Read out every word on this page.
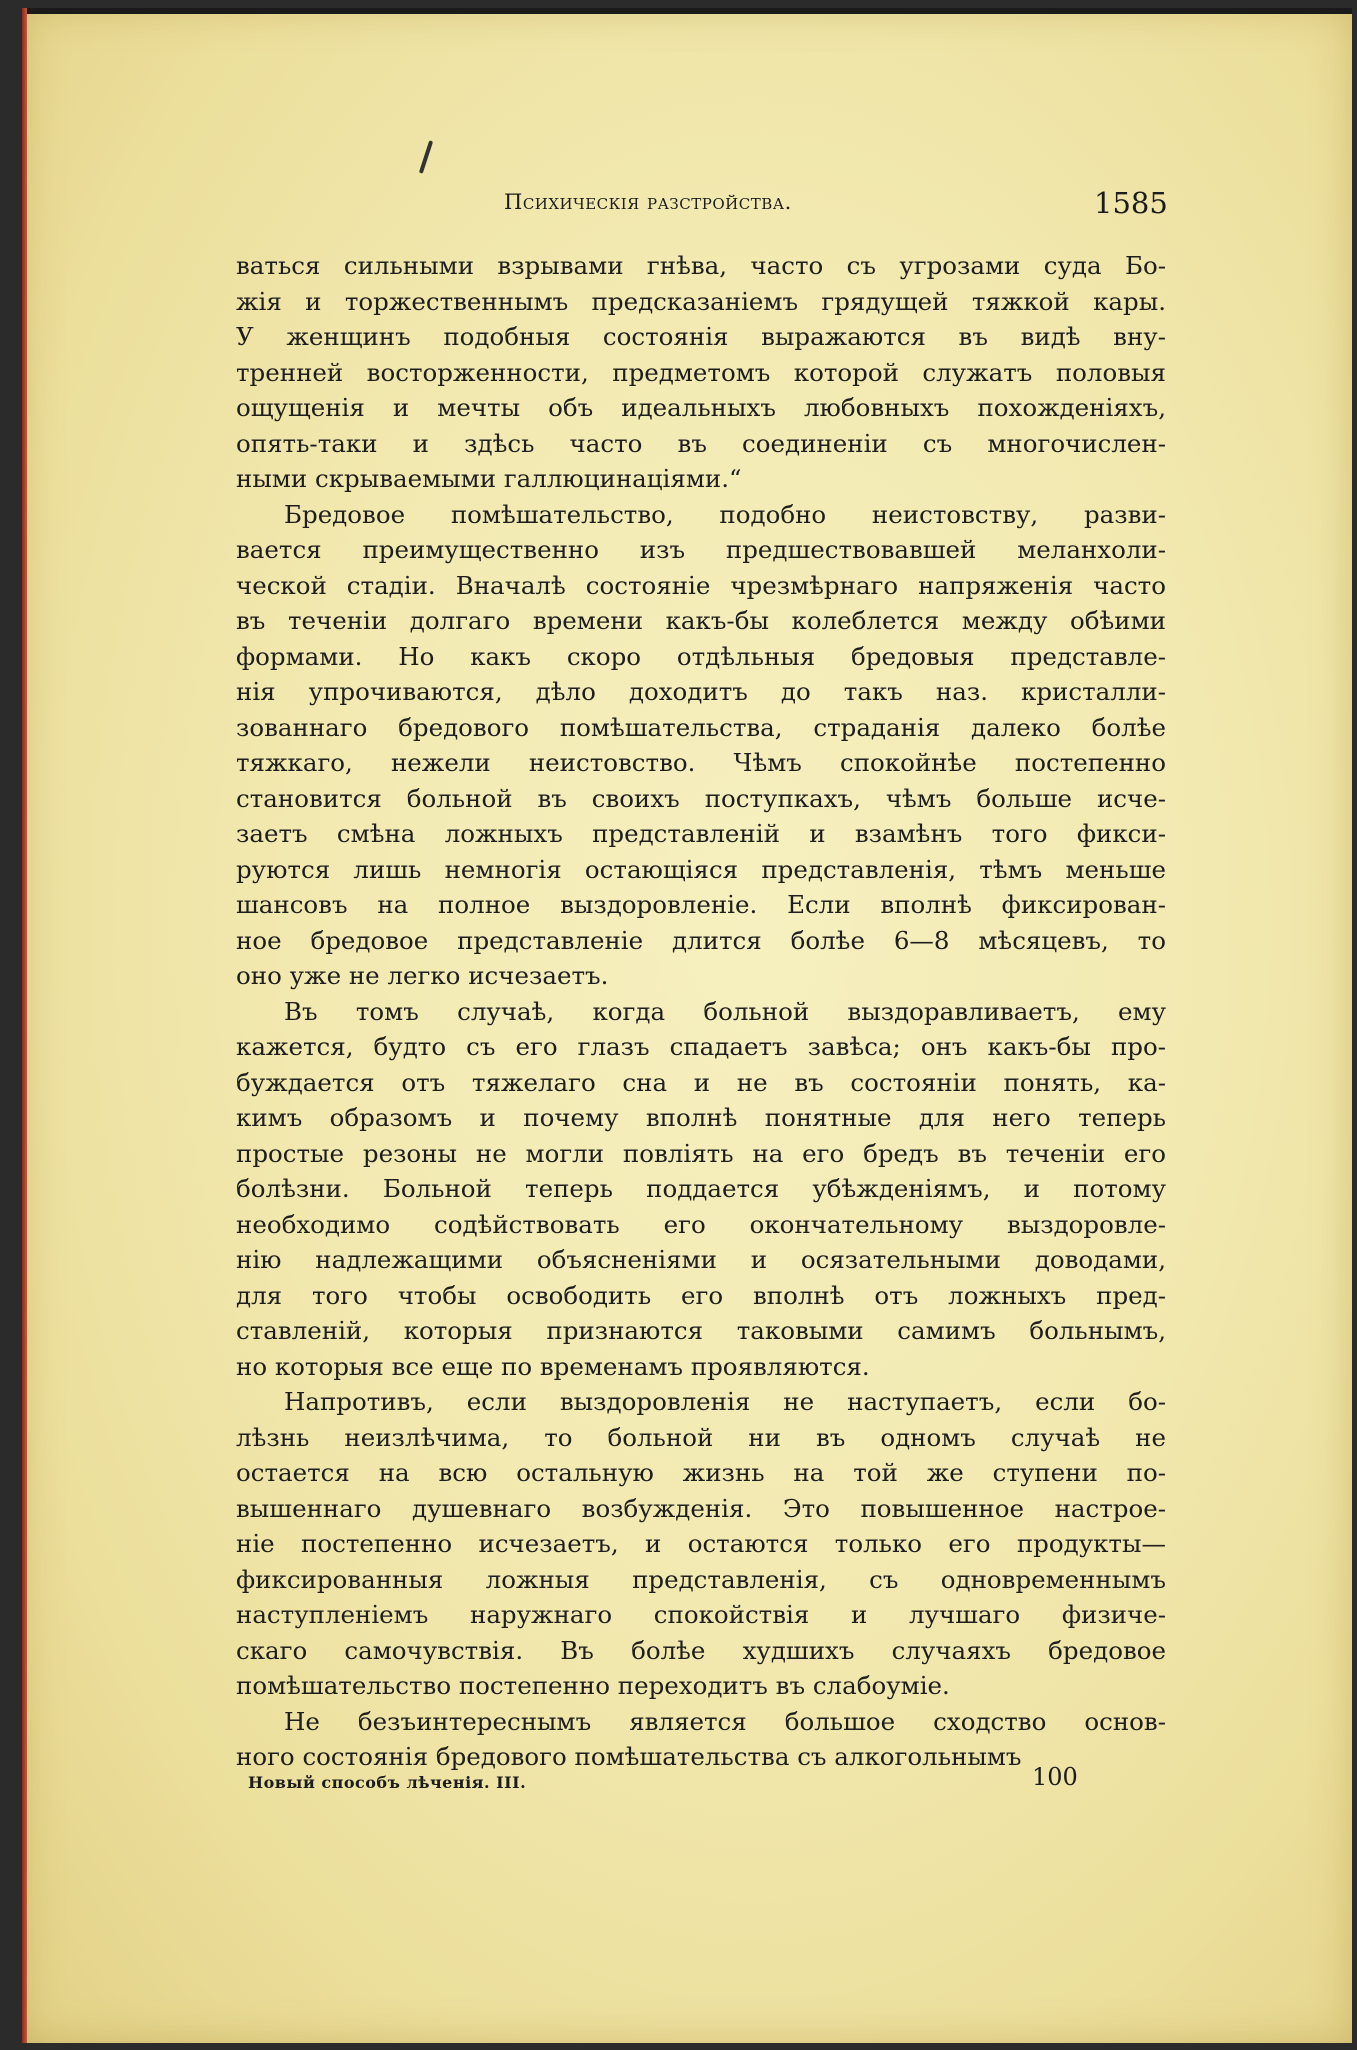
Психическія разстройства.	1585
ваться сильными взрывами гнѣва, часто съ угрозами суда Бо-
жія и торжественнымъ предсказаніемъ грядущей тяжкой кары.
У женщинъ подобныя состоянія выражаются въ видѣ вну-
тренней восторженности, предметомъ которой служатъ половыя
ощущенія и мечты объ идеальныхъ любовныхъ похожденіяхъ,
опять-таки и здѣсь часто въ соединеніи съ многочислен-
ными скрываемыми галлюцинаціями.“
Бредовое помѣшательство, подобно неистовству, разви-
вается преимущественно изъ предшествовавшей меланхоли-
ческой стадіи. Вначалѣ состояніе чрезмѣрнаго напряженія часто
въ теченіи долгаго времени какъ-бы колеблется между обѣими
формами. Но какъ скоро отдѣльныя бредовыя представле-
нія упрочиваются, дѣло доходитъ до такъ наз. кристалли-
зованнаго бредового помѣшательства, страданія далеко болѣе
тяжкаго, нежели неистовство. Чѣмъ спокойнѣе постепенно
становится больной въ своихъ поступкахъ, чѣмъ больше исче-
заетъ смѣна ложныхъ представленій и взамѣнъ того фикси-
руются лишь немногія остающіяся представленія, тѣмъ меньше
шансовъ на полное выздоровленіе. Если вполнѣ фиксирован-
ное бредовое представленіе длится болѣе 6—8 мѣсяцевъ, то
оно уже не легко исчезаетъ.
Въ томъ случаѣ, когда больной выздоравливаетъ, ему
кажется, будто съ его глазъ спадаетъ завѣса; онъ какъ-бы про-
буждается отъ тяжелаго сна и не въ состояніи понять, ка-
кимъ образомъ и почему вполнѣ понятные для него теперь
простые резоны не могли повліять на его бредъ въ теченіи его
болѣзни. Больной теперь поддается убѣжденіямъ, и потому
необходимо содѣйствовать его окончательному выздоровле-
нію надлежащими объясненіями и осязательными доводами,
для того чтобы освободить его вполнѣ отъ ложныхъ пред-
ставленій, которыя признаются таковыми самимъ больнымъ,
но которыя все еще по временамъ проявляются.
Напротивъ, если выздоровленія не наступаетъ, если бо-
лѣзнь неизлѣчима, то больной ни въ одномъ случаѣ не
остается на всю остальную жизнь на той же ступени по-
вышеннаго душевнаго возбужденія. Это повышенное настрое-
ніе постепенно исчезаетъ, и остаются только его продукты—
фиксированныя ложныя представленія, съ одновременнымъ
наступленіемъ наружнаго спокойствія и лучшаго физиче-
скаго самочувствія. Въ болѣе худшихъ случаяхъ бредовое
помѣшательство постепенно переходитъ въ слабоуміе.
Не безъинтереснымъ является большое сходство основ-
ного состоянія бредового помѣшательства съ алкогольнымъ
Новый способъ лѣченія. III.	100
